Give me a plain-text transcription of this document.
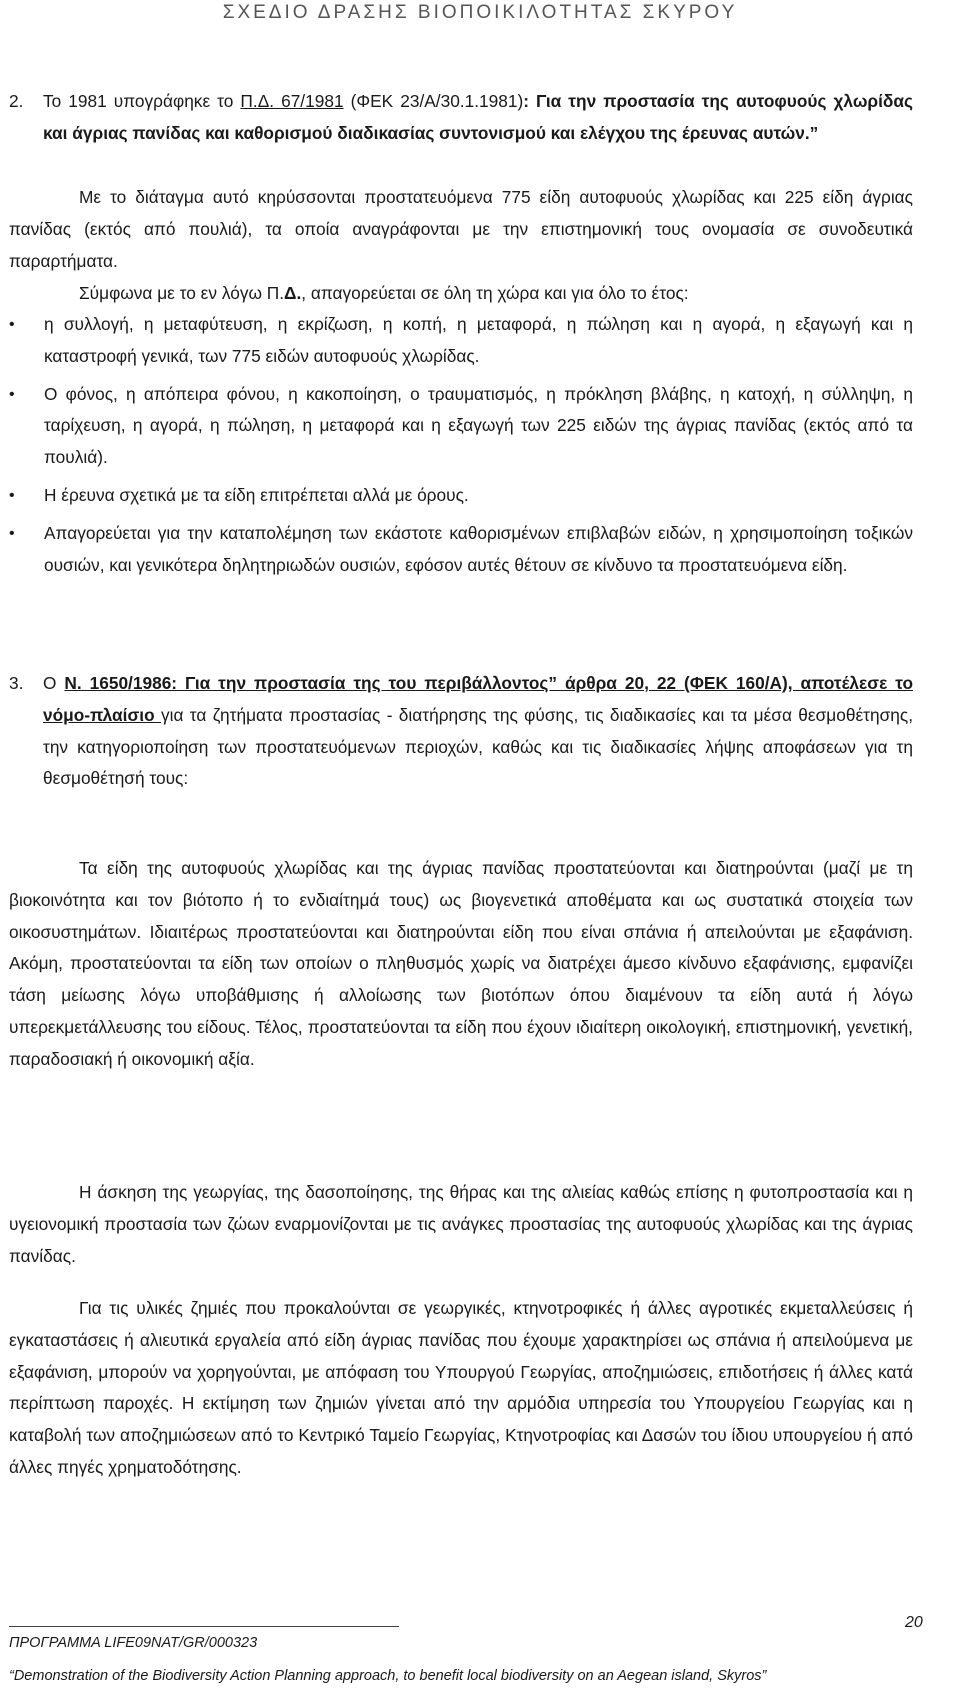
ΣΧΕΔΙΟ ΔΡΑΣΗΣ ΒΙΟΠΟΙΚΙΛΟΤΗΤΑΣ ΣΚΥΡΟΥ
2.	Το 1981 υπογράφηκε το Π.Δ. 67/1981 (ΦΕΚ 23/Α/30.1.1981): Για την προστασία της αυτοφυούς χλωρίδας και άγριας πανίδας και καθορισμού διαδικασίας συντονισμού και ελέγχου της έρευνας αυτών.”

Με το διάταγμα αυτό κηρύσσονται προστατευόμενα 775 είδη αυτοφυούς χλωρίδας και 225 είδη άγριας πανίδας (εκτός από πουλιά), τα οποία αναγράφονται με την επιστημονική τους ονομασία σε συνοδευτικά παραρτήματα.

Σύμφωνα με το εν λόγω Π.Δ., απαγορεύεται σε όλη τη χώρα και για όλο το έτος:

•	η συλλογή, η μεταφύτευση, η εκρίζωση, η κοπή, η μεταφορά, η πώληση και η αγορά, η εξαγωγή και η καταστροφή γενικά, των 775 ειδών αυτοφυούς χλωρίδας.
•	Ο φόνος, η απόπειρα φόνου, η κακοποίηση, ο τραυματισμός, η πρόκληση βλάβης, η κατοχή, η σύλληψη, η ταρίχευση, η αγορά, η πώληση, η μεταφορά και η εξαγωγή των 225 ειδών της άγριας πανίδας (εκτός από τα πουλιά).
•	Η έρευνα σχετικά με τα είδη επιτρέπεται αλλά με όρους.
•	Απαγορεύεται για την καταπολέμηση των εκάστοτε καθορισμένων επιβλαβών ειδών, η χρησιμοποίηση τοξικών ουσιών, και γενικότερα δηλητηριωδών ουσιών, εφόσον αυτές θέτουν σε κίνδυνο τα προστατευόμενα είδη.
3.	Ο Ν. 1650/1986: Για την προστασία της του περιβάλλοντος” άρθρα 20, 22 (ΦΕΚ 160/Α), αποτέλεσε το νόμο-πλαίσιο για τα ζητήματα προστασίας - διατήρησης της φύσης, τις διαδικασίες και τα μέσα θεσμοθέτησης, την κατηγοριοποίηση των προστατευόμενων περιοχών, καθώς και τις διαδικασίες λήψης αποφάσεων για τη θεσμοθέτησή τους:

Τα είδη της αυτοφυούς χλωρίδας και της άγριας πανίδας προστατεύονται και διατηρούνται (μαζί με τη βιοκοινότητα και τον βιότοπο ή το ενδιαίτημά τους) ως βιογενετικά αποθέματα και ως συστατικά στοιχεία των οικοσυστημάτων. Ιδιαιτέρως προστατεύονται και διατηρούνται είδη που είναι σπάνια ή απειλούνται με εξαφάνιση. Ακόμη, προστατεύονται τα είδη των οποίων ο πληθυσμός χωρίς να διατρέχει άμεσο κίνδυνο εξαφάνισης, εμφανίζει τάση μείωσης λόγω υποβάθμισης ή αλλοίωσης των βιοτόπων όπου διαμένουν τα είδη αυτά ή λόγω υπερεκμετάλλευσης του είδους. Τέλος, προστατεύονται τα είδη που έχουν ιδιαίτερη οικολογική, επιστημονική, γενετική, παραδοσιακή ή οικονομική αξία.

Η άσκηση της γεωργίας, της δασοποίησης, της θήρας και της αλιείας καθώς επίσης η φυτοπροστασία και η υγειονομική προστασία των ζώων εναρμονίζονται με τις ανάγκες προστασίας της αυτοφυούς χλωρίδας και της άγριας πανίδας.

Για τις υλικές ζημιές που προκαλούνται σε γεωργικές, κτηνοτροφικές ή άλλες αγροτικές εκμεταλλεύσεις ή εγκαταστάσεις ή αλιευτικά εργαλεία από είδη άγριας πανίδας που έχουμε χαρακτηρίσει ως σπάνια ή απειλούμενα με εξαφάνιση, μπορούν να χορηγούνται, με απόφαση του Υπουργού Γεωργίας, αποζημιώσεις, επιδοτήσεις ή άλλες κατά περίπτωση παροχές. Η εκτίμηση των ζημιών γίνεται από την αρμόδια υπηρεσία του Υπουργείου Γεωργίας και η καταβολή των αποζημιώσεων από το Κεντρικό Ταμείο Γεωργίας, Κτηνοτροφίας και Δασών του ίδιου υπουργείου ή από άλλες πηγές χρηματοδότησης.

20
ΠΡΟΓΡΑΜΜΑ LIFE09NAT/GR/000323
“Demonstration of the Biodiversity Action Planning approach, to benefit local biodiversity on an Aegean island, Skyros”
